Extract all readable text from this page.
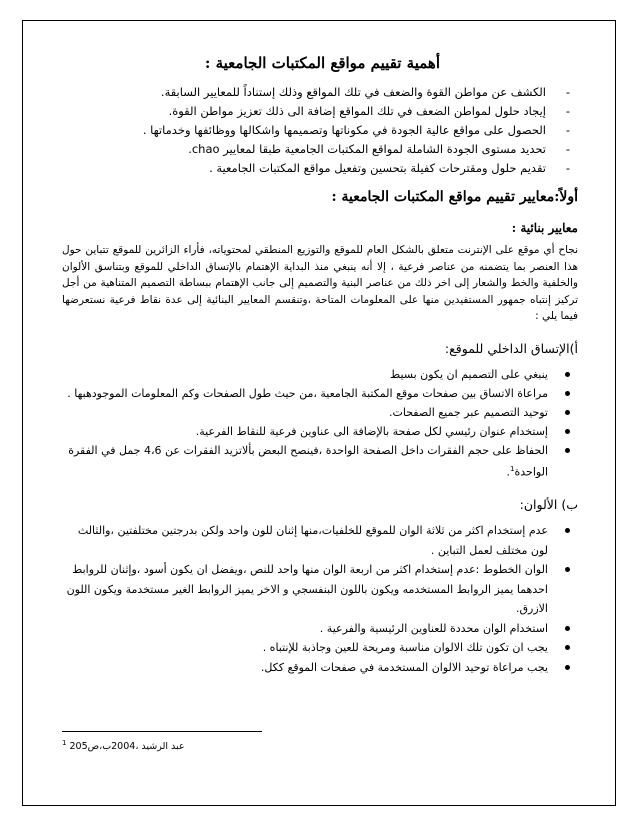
أهمية تقييم مواقع المكتبات الجامعية :
- الكشف عن مواطن القوة والضعف في تلك المواقع وذلك إستناداً للمعايير السابقة.
- إيجاد حلول لمواطن الضعف في تلك المواقع إضافة الى ذلك تعزيز مواطن القوة.
- الحصول على مواقع عالية الجودة في مكوناتها وتصميمها واشكالها ووظائفها وخدماتها .
- تحديد مستوى الجودة الشاملة لمواقع المكتبات الجامعية طبقا لمعايير chao.
- تقديم حلول ومقترحات كفيلة بتحسين وتفعيل مواقع المكتبات الجامعية .
أولاً:معايير تقييم مواقع المكتبات الجامعية :
معايير بنائية :

نجاح أي موقع على الإنترنت متعلق بالشكل العام للموقع والتوزيع المنطقي لمحتوياته، فأراء الزائرين للموقع تتباين حول هذا العنصر بما يتضمنه من عناصر فرعية ، إلا أنه ينبغي منذ البداية الإهتمام بالإتساق الداخلي للموقع وبتناسق الألوان والخلفية والخط والشعار إلى اخر ذلك من عناصر البنية والتصميم إلى جانب الإهتمام ببساطة التصميم المتناهية من أجل تركيز إنتباه جمهور المستفيدين منها على المعلومات المتاحة ،وتنقسم المعايير البنائية إلى عدة نقاط فرعية نستعرضها فيما يلي :

أ)الإتساق الداخلي للموقع:
ينبغي على التصميم ان يكون بسيط
مراعاة الاتساق بين صفحات موقع المكتبة الجامعية ،من حيث طول الصفحات وكم المعلومات الموجودهبها .
توحيد التصميم عبر جميع الصفحات.
إستخدام عنوان رئيسي لكل صفحة بالإضافة الى عناوين فرعية للنقاط الفرعية.
الحفاظ على حجم الفقرات داخل الصفحة الواحدة ،فينصح البعض بألاتزيد الفقرات عن 4،6 جمل في الفقرة الواحدة$^1$.
ب) الألوان:
عدم إستخدام اكثر من ثلاثة الوان للموقع للخلفيات،منها إثنان للون واحد ولكن بدرجتين مختلفتين ،والثالث لون مختلف لعمل التباين .
الوان الخطوط :عدم إستخدام اكثر من اربعة الوان منها واحد للنص ،ويفضل ان يكون أسود ،وإثنان للروابط احدهما يميز الروابط المستخدمه ويكون باللون البنفسجي و الاخر يميز الروابط الغير مستخدمة ويكون اللون الازرق.
استخدام الوان محددة للعناوين الرئيسية والفرعية .
يجب ان تكون تلك الالوان مناسبة ومريحة للعين وجاذبة للإنتباه .
يجب مراعاة توحيد الالوان المستخدمة في صفحات الموقع ككل.
عبد الرشيد ،2004ب،ص205 $^1$
